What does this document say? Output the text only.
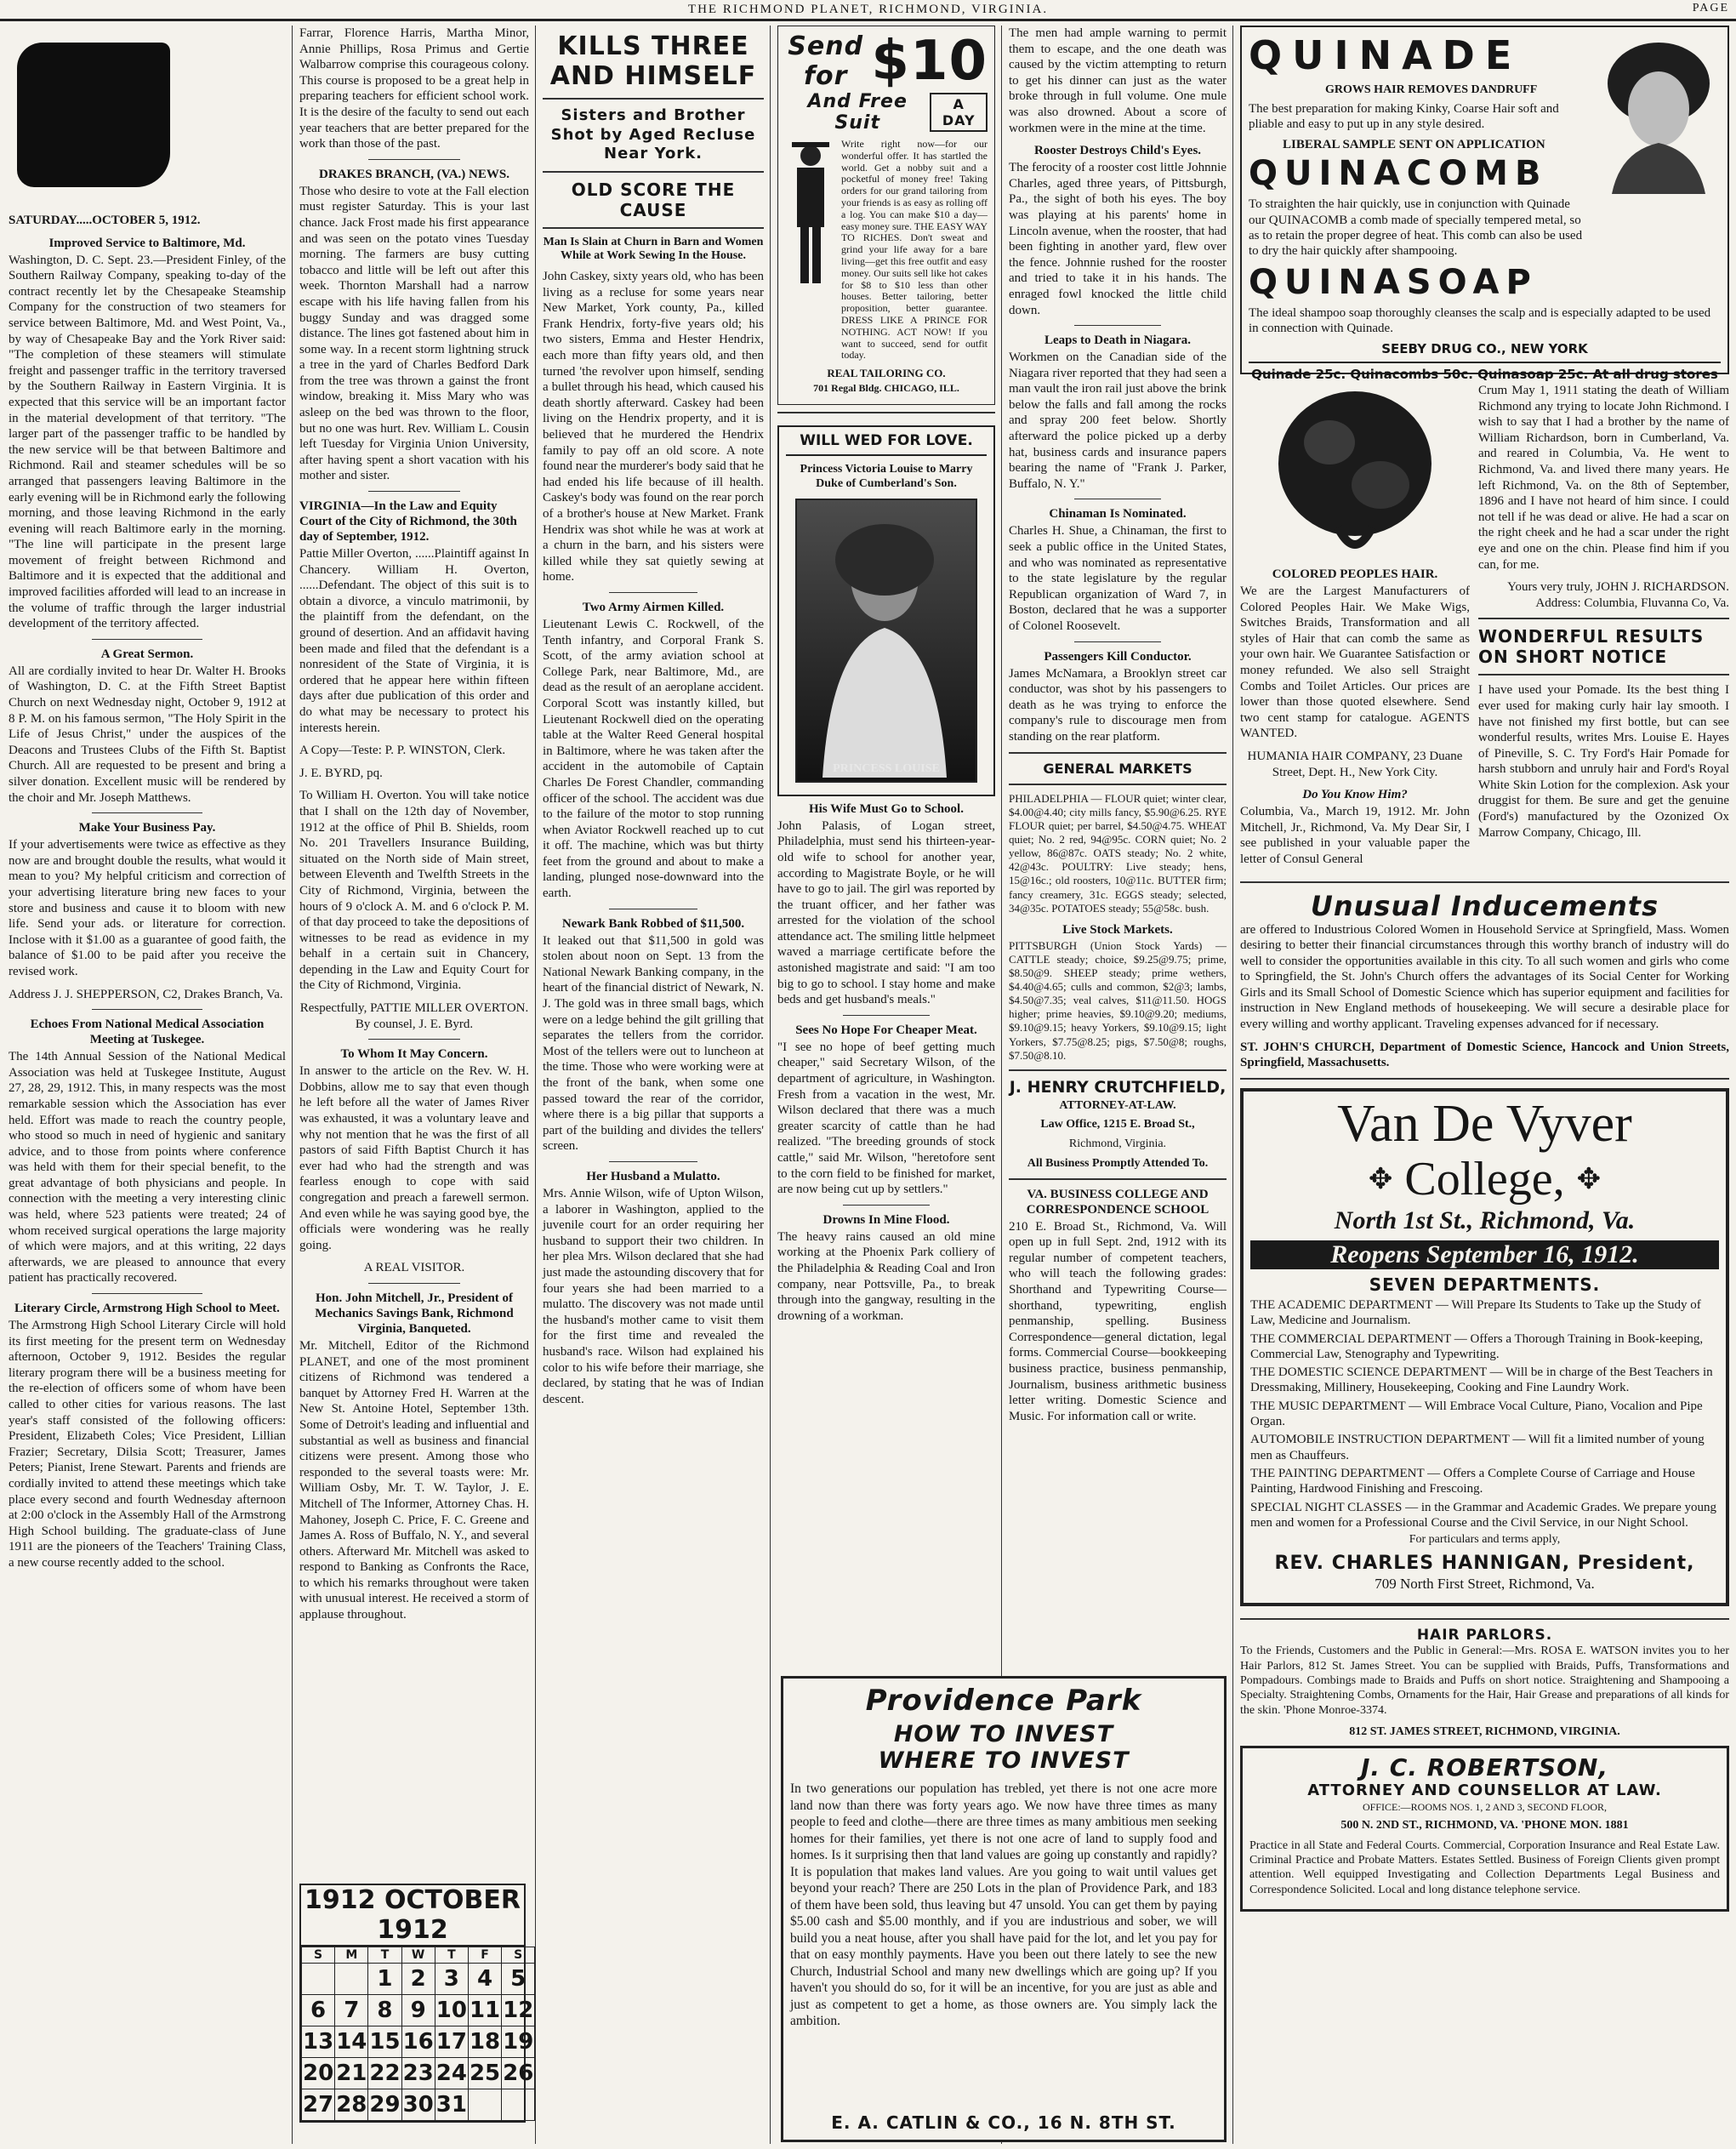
THE RICHMOND PLANET, RICHMOND, VIRGINIA.	PAGE
SATURDAY.....OCTOBER 5, 1912.
Improved Service to Baltimore, Md.

Washington, D. C. Sept. 23.—President Finley, of the Southern Railway Company, speaking to-day of the contract recently let by the Chesapeake Steamship Company for the construction of two steamers for service between Baltimore, Md. and West Point, Va., by way of Chesapeake Bay and the York River said: "The completion of these steamers will stimulate freight and passenger traffic in the territory traversed by the Southern Railway in Eastern Virginia. It is expected that this service will be an important factor in the material development of that territory. "The larger part of the passenger traffic to be handled by the new service will be that between Baltimore and Richmond. Rail and steamer schedules will be so arranged that passengers leaving Baltimore in the early evening will be in Richmond early the following morning, and those leaving Richmond in the early evening will reach Baltimore early in the morning. "The line will participate in the present large movement of freight between Richmond and Baltimore and it is expected that the additional and improved facilities afforded will lead to an increase in the volume of traffic through the larger industrial development of the territory affected.

A Great Sermon.

All are cordially invited to hear Dr. Walter H. Brooks of Washington, D. C. at the Fifth Street Baptist Church on next Wednesday night, October 9, 1912 at 8 P. M. on his famous sermon, "The Holy Spirit in the Life of Jesus Christ," under the auspices of the Deacons and Trustees Clubs of the Fifth St. Baptist Church. All are requested to be present and bring a silver donation. Excellent music will be rendered by the choir and Mr. Joseph Matthews.

Make Your Business Pay.

If your advertisements were twice as effective as they now are and brought double the results, what would it mean to you? My helpful criticism and correction of your advertising literature bring new faces to your store and business and cause it to bloom with new life. Send your ads. or literature for correction. Inclose with it $1.00 as a guarantee of good faith, the balance of $1.00 to be paid after you receive the revised work.

Address J. J. SHEPPERSON, C2, Drakes Branch, Va.

Echoes From National Medical Association Meeting at Tuskegee.

The 14th Annual Session of the National Medical Association was held at Tuskegee Institute, August 27, 28, 29, 1912. This, in many respects was the most remarkable session which the Association has ever held. Effort was made to reach the country people, who stood so much in need of hygienic and sanitary advice, and to those from points where conference was held with them for their special benefit, to the great advantage of both physicians and people. In connection with the meeting a very interesting clinic was held, where 523 patients were treated; 24 of whom received surgical operations the large majority of which were majors, and at this writing, 22 days afterwards, we are pleased to announce that every patient has practically recovered.

Literary Circle, Armstrong High School to Meet.

The Armstrong High School Literary Circle will hold its first meeting for the present term on Wednesday afternoon, October 9, 1912. Besides the regular literary program there will be a business meeting for the re-election of officers some of whom have been called to other cities for various reasons. The last year's staff consisted of the following officers: President, Elizabeth Coles; Vice President, Lillian Frazier; Secretary, Dilsia Scott; Treasurer, James Peters; Pianist, Irene Stewart. Parents and friends are cordially invited to attend these meetings which take place every second and fourth Wednesday afternoon at 2:00 o'clock in the Assembly Hall of the Armstrong High School building. The graduate-class of June 1911 are the pioneers of the Teachers' Training Class, a new course recently added to the school.

Farrar, Florence Harris, Martha Minor, Annie Phillips, Rosa Primus and Gertie Walbarrow comprise this courageous colony. This course is proposed to be a great help in preparing teachers for efficient school work. It is the desire of the faculty to send out each year teachers that are better prepared for the work than those of the past.

DRAKES BRANCH, (VA.) NEWS.

Those who desire to vote at the Fall election must register Saturday. This is your last chance. Jack Frost made his first appearance and was seen on the potato vines Tuesday morning. The farmers are busy cutting tobacco and little will be left out after this week. Thornton Marshall had a narrow escape with his life having fallen from his buggy Sunday and was dragged some distance. The lines got fastened about him in some way. In a recent storm lightning struck a tree in the yard of Charles Bedford Dark from the tree was thrown a gainst the front window, breaking it. Miss Mary who was asleep on the bed was thrown to the floor, but no one was hurt. Rev. William L. Cousin left Tuesday for Virginia Union University, after having spent a short vacation with his mother and sister.

VIRGINIA—In the Law and Equity Court of the City of Richmond, the 30th day of September, 1912.

Pattie Miller Overton, ......Plaintiff against In Chancery. William H. Overton, ......Defendant. The object of this suit is to obtain a divorce, a vinculo matrimonii, by the plaintiff from the defendant, on the ground of desertion. And an affidavit having been made and filed that the defendant is a nonresident of the State of Virginia, it is ordered that he appear here within fifteen days after due publication of this order and do what may be necessary to protect his interests herein.

A Copy—Teste: P. P. WINSTON, Clerk.

J. E. BYRD, pq.

To William H. Overton. You will take notice that I shall on the 12th day of November, 1912 at the office of Phil B. Shields, room No. 201 Travellers Insurance Building, situated on the North side of Main street, between Eleventh and Twelfth Streets in the City of Richmond, Virginia, between the hours of 9 o'clock A. M. and 6 o'clock P. M. of that day proceed to take the depositions of witnesses to be read as evidence in my behalf in a certain suit in Chancery, depending in the Law and Equity Court for the City of Richmond, Virginia.

Respectfully, PATTIE MILLER OVERTON. By counsel, J. E. Byrd.

To Whom It May Concern.

In answer to the article on the Rev. W. H. Dobbins, allow me to say that even though he left before all the water of James River was exhausted, it was a voluntary leave and why not mention that he was the first of all pastors of said Fifth Baptist Church it has ever had who had the strength and was fearless enough to cope with said congregation and preach a farewell sermon. And even while he was saying good bye, the officials were wondering was he really going.

A REAL VISITOR.

Hon. John Mitchell, Jr., President of Mechanics Savings Bank, Richmond Virginia, Banqueted.

Mr. Mitchell, Editor of the Richmond PLANET, and one of the most prominent citizens of Richmond was tendered a banquet by Attorney Fred H. Warren at the New St. Antoine Hotel, September 13th. Some of Detroit's leading and influential and substantial as well as business and financial citizens were present. Among those who responded to the several toasts were: Mr. William Osby, Mr. T. W. Taylor, J. E. Mitchell of The Informer, Attorney Chas. H. Mahoney, Joseph C. Price, F. C. Greene and James A. Ross of Buffalo, N. Y., and several others. Afterward Mr. Mitchell was asked to respond to Banking as Confronts the Race, to which his remarks throughout were taken with unusual interest. He received a storm of applause throughout.

1912 OCTOBER 1912
S	M	T	W	T	F	S
		1	2	3	4	5
6	7	8	9	10	11	12
13	14	15	16	17	18	19
20	21	22	23	24	25	26
27	28	29	30	31		
KILLS THREE AND HIMSELF
Sisters and Brother Shot by Aged Recluse Near York.
OLD SCORE THE CAUSE
Man Is Slain at Churn in Barn and Women While at Work Sewing In the House.

John Caskey, sixty years old, who has been living as a recluse for some years near New Market, York county, Pa., killed Frank Hendrix, forty-five years old; his two sisters, Emma and Hester Hendrix, each more than fifty years old, and then turned 'the revolver upon himself, sending a bullet through his head, which caused his death shortly afterward. Caskey had been living on the Hendrix property, and it is believed that he murdered the Hendrix family to pay off an old score. A note found near the murderer's body said that he had ended his life because of ill health. Caskey's body was found on the rear porch of a brother's house at New Market. Frank Hendrix was shot while he was at work at a churn in the barn, and his sisters were killed while they sat quietly sewing at home.

Two Army Airmen Killed.

Lieutenant Lewis C. Rockwell, of the Tenth infantry, and Corporal Frank S. Scott, of the army aviation school at College Park, near Baltimore, Md., are dead as the result of an aeroplane accident. Corporal Scott was instantly killed, but Lieutenant Rockwell died on the operating table at the Walter Reed General hospital in Baltimore, where he was taken after the accident in the automobile of Captain Charles De Forest Chandler, commanding officer of the school. The accident was due to the failure of the motor to stop running when Aviator Rockwell reached up to cut it off. The machine, which was but thirty feet from the ground and about to make a landing, plunged nose-downward into the earth.

Newark Bank Robbed of $11,500.

It leaked out that $11,500 in gold was stolen about noon on Sept. 13 from the National Newark Banking company, in the heart of the financial district of Newark, N. J. The gold was in three small bags, which were on a ledge behind the gilt grilling that separates the tellers from the corridor. Most of the tellers were out to luncheon at the time. Those who were working were at the front of the bank, when some one passed toward the rear of the corridor, where there is a big pillar that supports a part of the building and divides the tellers' screen.

Her Husband a Mulatto.

Mrs. Annie Wilson, wife of Upton Wilson, a laborer in Washington, applied to the juvenile court for an order requiring her husband to support their two children. In her plea Mrs. Wilson declared that she had just made the astounding discovery that for four years she had been married to a mulatto. The discovery was not made until the husband's mother came to visit them for the first time and revealed the husband's race. Wilson had explained his color to his wife before their marriage, she declared, by stating that he was of Indian descent.

Send for $10
And Free Suit
A DAY

Write right now—for our wonderful offer. It has startled the world. Get a nobby suit and a pocketful of money free! Taking orders for our grand tailoring from your friends is as easy as rolling off a log. You can make $10 a day—easy money sure. THE EASY WAY TO RICHES. Don't sweat and grind your life away for a bare living—get this free outfit and easy money. Our suits sell like hot cakes for $8 to $10 less than other houses. Better tailoring, better proposition, better guarantee. DRESS LIKE A PRINCE FOR NOTHING. ACT NOW! If you want to succeed, send for outfit today.

REAL TAILORING CO.
701 Regal Bldg. CHICAGO, ILL.
WILL WED FOR LOVE.
Princess Victoria Louise to Marry Duke of Cumberland's Son.
PRINCESS LOUISE
His Wife Must Go to School.

John Palasis, of Logan street, Philadelphia, must send his thirteen-year-old wife to school for another year, according to Magistrate Boyle, or he will have to go to jail. The girl was reported by the truant officer, and her father was arrested for the violation of the school attendance act. The smiling little helpmeet waved a marriage certificate before the astonished magistrate and said: "I am too big to go to school. I stay home and make beds and get husband's meals."

Sees No Hope For Cheaper Meat.

"I see no hope of beef getting much cheaper," said Secretary Wilson, of the department of agriculture, in Washington. Fresh from a vacation in the west, Mr. Wilson declared that there was a much greater scarcity of cattle than he had realized. "The breeding grounds of stock cattle," said Mr. Wilson, "heretofore sent to the corn field to be finished for market, are now being cut up by settlers."

Drowns In Mine Flood.

The heavy rains caused an old mine working at the Phoenix Park colliery of the Philadelphia & Reading Coal and Iron company, near Pottsville, Pa., to break through into the gangway, resulting in the drowning of a workman.

The men had ample warning to permit them to escape, and the one death was caused by the victim attempting to return to get his dinner can just as the water broke through in full volume. One mule was also drowned. About a score of workmen were in the mine at the time.

Rooster Destroys Child's Eyes.

The ferocity of a rooster cost little Johnnie Charles, aged three years, of Pittsburgh, Pa., the sight of both his eyes. The boy was playing at his parents' home in Lincoln avenue, when the rooster, that had been fighting in another yard, flew over the fence. Johnnie rushed for the rooster and tried to take it in his hands. The enraged fowl knocked the little child down.

Leaps to Death in Niagara.

Workmen on the Canadian side of the Niagara river reported that they had seen a man vault the iron rail just above the brink below the falls and fall among the rocks and spray 200 feet below. Shortly afterward the police picked up a derby hat, business cards and insurance papers bearing the name of "Frank J. Parker, Buffalo, N. Y."

Chinaman Is Nominated.

Charles H. Shue, a Chinaman, the first to seek a public office in the United States, and who was nominated as representative to the state legislature by the regular Republican organization of Ward 7, in Boston, declared that he was a supporter of Colonel Roosevelt.

Passengers Kill Conductor.

James McNamara, a Brooklyn street car conductor, was shot by his passengers to death as he was trying to enforce the company's rule to discourage men from standing on the rear platform.

GENERAL MARKETS

PHILADELPHIA — FLOUR quiet; winter clear, $4.00@4.40; city mills fancy, $5.90@6.25. RYE FLOUR quiet; per barrel, $4.50@4.75. WHEAT quiet; No. 2 red, 94@95c. CORN quiet; No. 2 yellow, 86@87c. OATS steady; No. 2 white, 42@43c. POULTRY: Live steady; hens, 15@16c.; old roosters, 10@11c. BUTTER firm; fancy creamery, 31c. EGGS steady; selected, 34@35c. POTATOES steady; 55@58c. bush.

Live Stock Markets.

PITTSBURGH (Union Stock Yards) — CATTLE steady; choice, $9.25@9.75; prime, $8.50@9. SHEEP steady; prime wethers, $4.40@4.65; culls and common, $2@3; lambs, $4.50@7.35; veal calves, $11@11.50. HOGS higher; prime heavies, $9.10@9.20; mediums, $9.10@9.15; heavy Yorkers, $9.10@9.15; light Yorkers, $7.75@8.25; pigs, $7.50@8; roughs, $7.50@8.10.

J. HENRY CRUTCHFIELD,
ATTORNEY-AT-LAW.
Law Office, 1215 E. Broad St.,
Richmond, Virginia.
All Business Promptly Attended To.
VA. BUSINESS COLLEGE AND CORRESPONDENCE SCHOOL

210 E. Broad St., Richmond, Va. Will open up in full Sept. 2nd, 1912 with its regular number of competent teachers, who will teach the following grades: Shorthand and Typewriting Course—shorthand, typewriting, english penmanship, spelling. Business Correspondence—general dictation, legal forms. Commercial Course—bookkeeping business practice, business penmanship, Journalism, business arithmetic business letter writing. Domestic Science and Music. For information call or write.

Providence Park
HOW TO INVEST
WHERE TO INVEST

In two generations our population has trebled, yet there is not one acre more land now than there was forty years ago. We now have three times as many people to feed and clothe—there are three times as many ambitious men seeking homes for their families, yet there is not one acre of land to supply food and homes. Is it surprising then that land values are going up constantly and rapidly? It is population that makes land values. Are you going to wait until values get beyond your reach? There are 250 Lots in the plan of Providence Park, and 183 of them have been sold, thus leaving but 47 unsold. You can get them by paying $5.00 cash and $5.00 monthly, and if you are industrious and sober, we will build you a neat house, after you shall have paid for the lot, and let you pay for that on easy monthly payments. Have you been out there lately to see the new Church, Industrial School and many new dwellings which are going up? If you haven't you should do so, for it will be an incentive, for you are just as able and just as competent to get a home, as those owners are. You simply lack the ambition.

E. A. CATLIN & CO., 16 N. 8TH ST.
QUINADE
GROWS HAIR REMOVES DANDRUFF

The best preparation for making Kinky, Coarse Hair soft and pliable and easy to put up in any style desired.

LIBERAL SAMPLE SENT ON APPLICATION
QUINACOMB

To straighten the hair quickly, use in conjunction with Quinade our QUINACOMB a comb made of specially tempered metal, so as to retain the proper degree of heat. This comb can also be used to dry the hair quickly after shampooing.

QUINASOAP

The ideal shampoo soap thoroughly cleanses the scalp and is especially adapted to be used in connection with Quinade.

SEEBY DRUG CO., NEW YORK
Quinade 25c. Quinacombs 50c. Quinasoap 25c. At all drug stores
COLORED PEOPLES HAIR.

We are the Largest Manufacturers of Colored Peoples Hair. We Make Wigs, Switches Braids, Transformation and all styles of Hair that can comb the same as your own hair. We Guarantee Satisfaction or money refunded. We also sell Straight Combs and Toilet Articles. Our prices are lower than those quoted elsewhere. Send two cent stamp for catalogue. AGENTS WANTED.

HUMANIA HAIR COMPANY, 23 Duane Street, Dept. H., New York City.

Do You Know Him?

Columbia, Va., March 19, 1912. Mr. John Mitchell, Jr., Richmond, Va. My Dear Sir, I see published in your valuable paper the letter of Consul General

Crum May 1, 1911 stating the death of William Richmond any trying to locate John Richmond. I wish to say that I had a brother by the name of William Richardson, born in Cumberland, Va. and reared in Columbia, Va. He went to Richmond, Va. and lived there many years. He left Richmond, Va. on the 8th of September, 1896 and I have not heard of him since. I could not tell if he was dead or alive. He had a scar on the right cheek and he had a scar under the right eye and one on the chin. Please find him if you can, for me.

Yours very truly, JOHN J. RICHARDSON. Address: Columbia, Fluvanna Co, Va.

WONDERFUL RESULTS ON SHORT NOTICE

I have used your Pomade. Its the best thing I ever used for making curly hair lay smooth. I have not finished my first bottle, but can see wonderful results, writes Mrs. Louise E. Hayes of Pineville, S. C. Try Ford's Hair Pomade for harsh stubborn and unruly hair and Ford's Royal White Skin Lotion for the complexion. Ask your druggist for them. Be sure and get the genuine (Ford's) manufactured by the Ozonized Ox Marrow Company, Chicago, Ill.

Unusual Inducements

are offered to Industrious Colored Women in Household Service at Springfield, Mass. Women desiring to better their financial circumstances through this worthy branch of industry will do well to consider the opportunities available in this city. To all such women and girls who come to Springfield, the St. John's Church offers the advantages of its Social Center for Working Girls and its Small School of Domestic Science which has superior equipment and facilities for instruction in New England methods of housekeeping. We will secure a desirable place for every willing and worthy applicant. Traveling expenses advanced for if necessary.

ST. JOHN'S CHURCH, Department of Domestic Science, Hancock and Union Streets, Springfield, Massachusetts.

Van De Vyver
✥ College, ✥
North 1st St., Richmond, Va.
Reopens September 16, 1912.
SEVEN DEPARTMENTS.
THE ACADEMIC DEPARTMENT — Will Prepare Its Students to Take up the Study of Law, Medicine and Journalism.
THE COMMERCIAL DEPARTMENT — Offers a Thorough Training in Book-keeping, Commercial Law, Stenography and Typewriting.
THE DOMESTIC SCIENCE DEPARTMENT — Will be in charge of the Best Teachers in Dressmaking, Millinery, Housekeeping, Cooking and Fine Laundry Work.
THE MUSIC DEPARTMENT — Will Embrace Vocal Culture, Piano, Vocalion and Pipe Organ.
AUTOMOBILE INSTRUCTION DEPARTMENT — Will fit a limited number of young men as Chauffeurs.
THE PAINTING DEPARTMENT — Offers a Complete Course of Carriage and House Painting, Hardwood Finishing and Frescoing.
SPECIAL NIGHT CLASSES — in the Grammar and Academic Grades. We prepare young men and women for a Professional Course and the Civil Service, in our Night School.
For particulars and terms apply,
REV. CHARLES HANNIGAN, President,
709 North First Street, Richmond, Va.
HAIR PARLORS.

To the Friends, Customers and the Public in General:—Mrs. ROSA E. WATSON invites you to her Hair Parlors, 812 St. James Street. You can be supplied with Braids, Puffs, Transformations and Pompadours. Combings made to Braids and Puffs on short notice. Straightening and Shampooing a Specialty. Straightening Combs, Ornaments for the Hair, Hair Grease and preparations of all kinds for the skin. 'Phone Monroe-3374.

812 ST. JAMES STREET, RICHMOND, VIRGINIA.

J. C. ROBERTSON,
ATTORNEY AND COUNSELLOR AT LAW.
OFFICE:—ROOMS NOS. 1, 2 AND 3, SECOND FLOOR,
500 N. 2ND ST., RICHMOND, VA. 'PHONE MON. 1881

Practice in all State and Federal Courts. Commercial, Corporation Insurance and Real Estate Law. Criminal Practice and Probate Matters. Estates Settled. Business of Foreign Clients given prompt attention. Well equipped Investigating and Collection Departments Legal Business and Correspondence Solicited. Local and long distance telephone service.
